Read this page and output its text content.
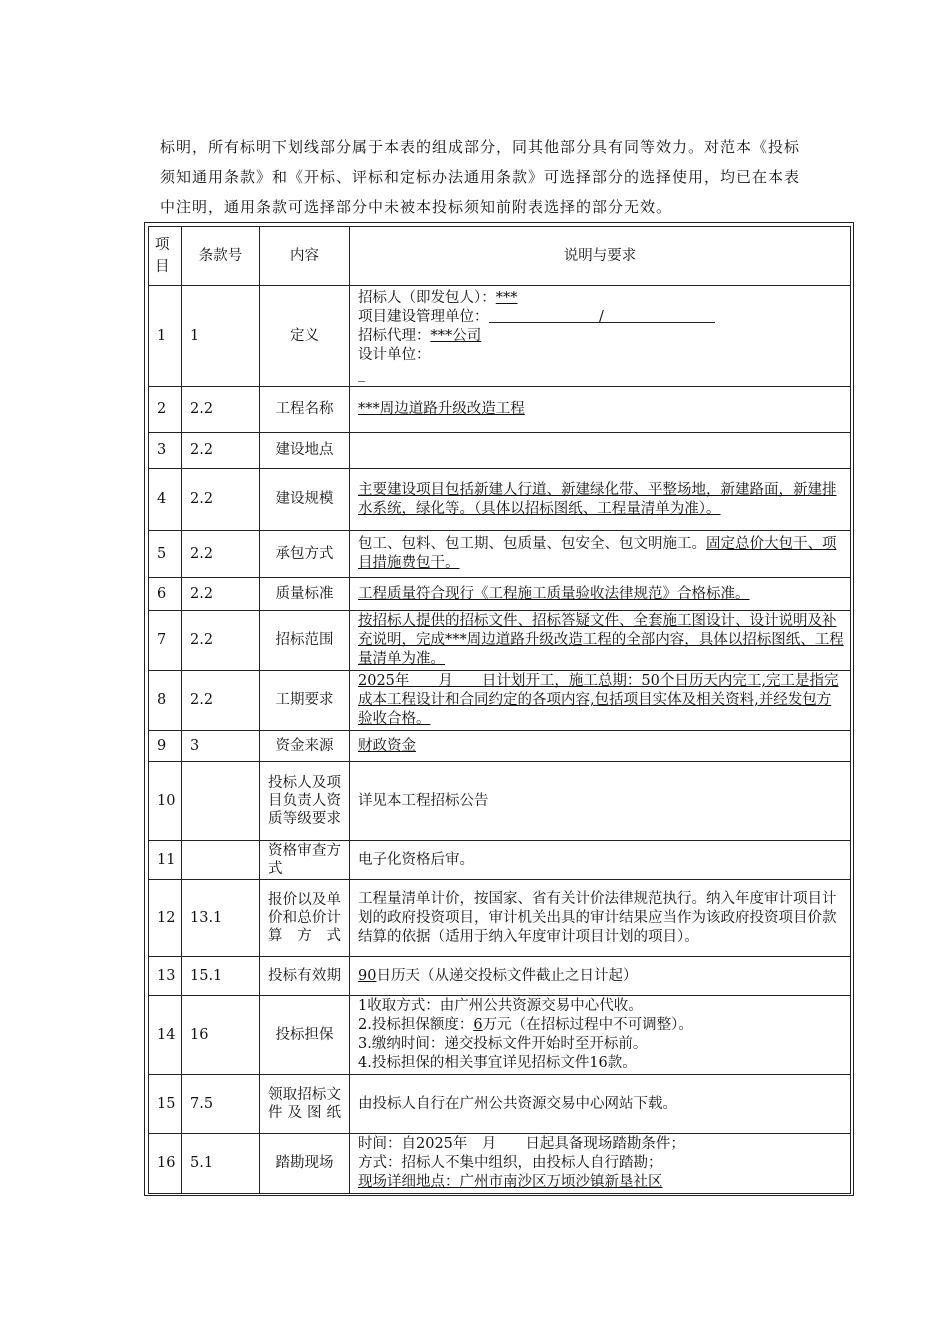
标明，所有标明下划线部分属于本表的组成部分，同其他部分具有同等效力。对范本《投标

须知通用条款》和《开标、评标和定标办法通用条款》可选择部分的选择使用，均已在本表

中注明，通用条款可选择部分中未被本投标须知前附表选择的部分无效。

项目	条款号	内容	说明与要求
1	1	定义	招标人（即发包人）：***
项目建设管理单位： /
招标代理：***公司
设计单位：
_

2	2.2	工程名称	***周边道路升级改造工程
3	2.2	建设地点	
4	2.2	建设规模	主要建设项目包括新建人行道、新建绿化带、平整场地，新建路面，新建排水系统，绿化等。（具体以招标图纸、工程量清单为准）。
5	2.2	承包方式	包工、包料、包工期、包质量、包安全、包文明施工。固定总价大包干、项目措施费包干。
6	2.2	质量标准	工程质量符合现行《工程施工质量验收法律规范》合格标准。
7	2.2	招标范围	按招标人提供的招标文件、招标答疑文件、全套施工图设计、设计说明及补充说明，完成***周边道路升级改造工程的全部内容，具体以招标图纸、工程量清单为准。
8	2.2	工期要求	2025年　　月　　日计划开工，施工总期：50个日历天内完工,完工是指完成本工程设计和合同约定的各项内容,包括项目实体及相关资料,并经发包方验收合格。
9	3	资金来源	财政资金
10		投标人及项目负责人资质等级要求	详见本工程招标公告
11		资格审查方式	电子化资格后审。
12	13.1	报价以及单价和总价计算方式	工程量清单计价，按国家、省有关计价法律规范执行。纳入年度审计项目计划的政府投资项目，审计机关出具的审计结果应当作为该政府投资项目价款结算的依据（适用于纳入年度审计项目计划的项目）。
13	15.1	投标有效期	90日历天（从递交投标文件截止之日计起）
14	16	投标担保	1收取方式：由广州公共资源交易中心代收。
2.投标担保额度：6万元（在招标过程中不可调整）。
3.缴纳时间：递交投标文件开始时至开标前。
4.投标担保的相关事宜详见招标文件16款。

15	7.5	领取招标文件及图纸	由投标人自行在广州公共资源交易中心网站下载。
16	5.1	踏勘现场	时间：自2025年　月　　日起具备现场踏勘条件；
方式：招标人不集中组织，由投标人自行踏勘；
现场详细地点：广州市南沙区万顷沙镇新垦社区
